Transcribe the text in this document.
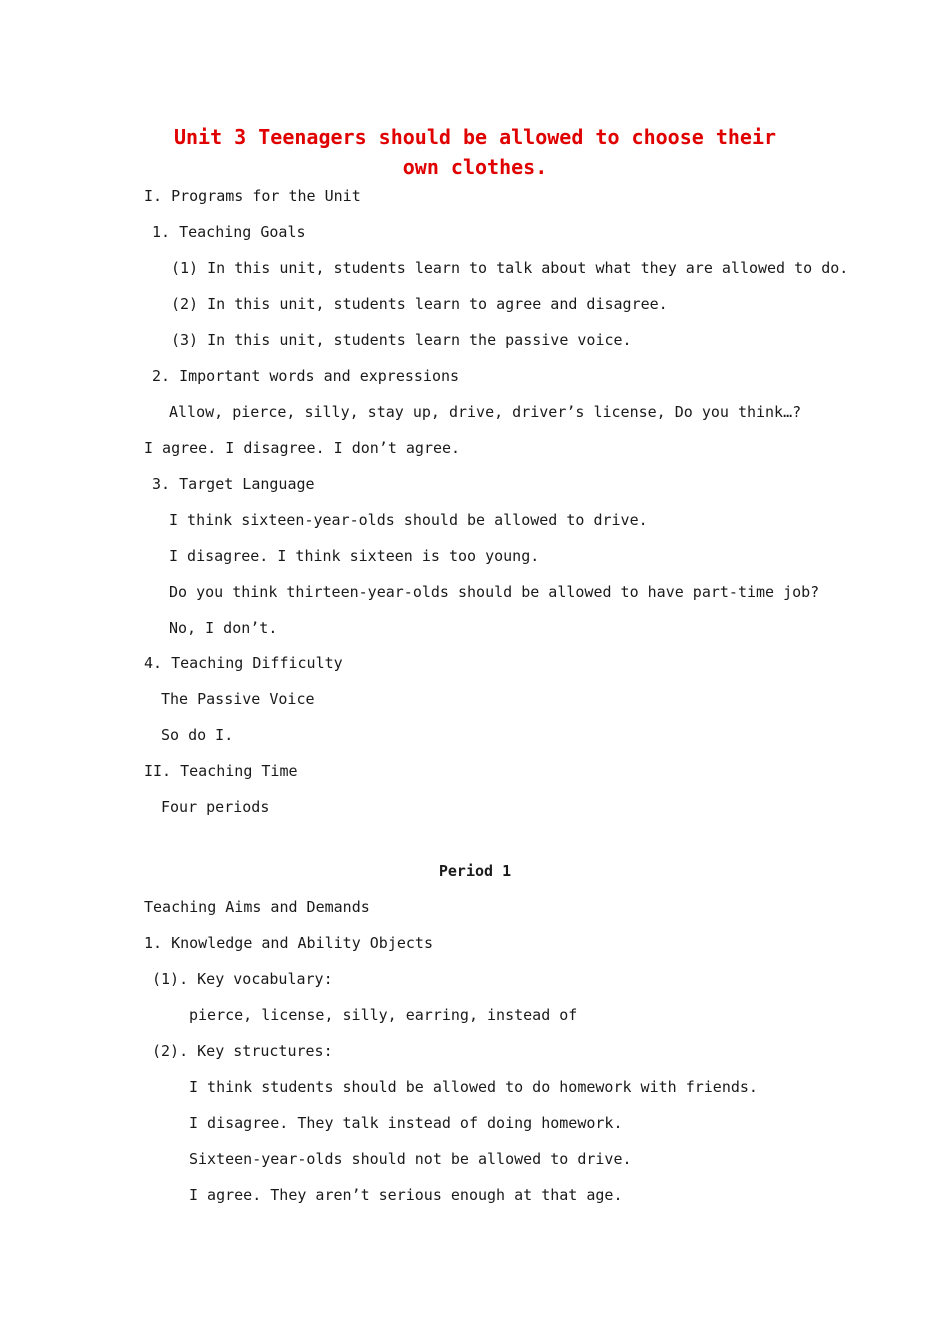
Unit 3 Teenagers should be allowed to choose their own clothes.

I. Programs for the Unit

1. Teaching Goals

(1) In this unit, students learn to talk about what they are allowed to do.

(2) In this unit, students learn to agree and disagree.

(3) In this unit, students learn the passive voice.

2. Important words and expressions

Allow, pierce, silly, stay up, drive, driver’s license, Do you think…?

I agree. I disagree. I don’t agree.

3. Target Language

I think sixteen-year-olds should be allowed to drive.

I disagree. I think sixteen is too young.

Do you think thirteen-year-olds should be allowed to have part-time job?

No, I don’t.

4. Teaching Difficulty

The Passive Voice

So do I.

II. Teaching Time

Four periods

Period 1

Teaching Aims and Demands

1. Knowledge and Ability Objects

(1). Key vocabulary:

pierce, license, silly, earring, instead of

(2). Key structures:

I think students should be allowed to do homework with friends.

I disagree. They talk instead of doing homework.

Sixteen-year-olds should not be allowed to drive.

I agree. They aren’t serious enough at that age.
